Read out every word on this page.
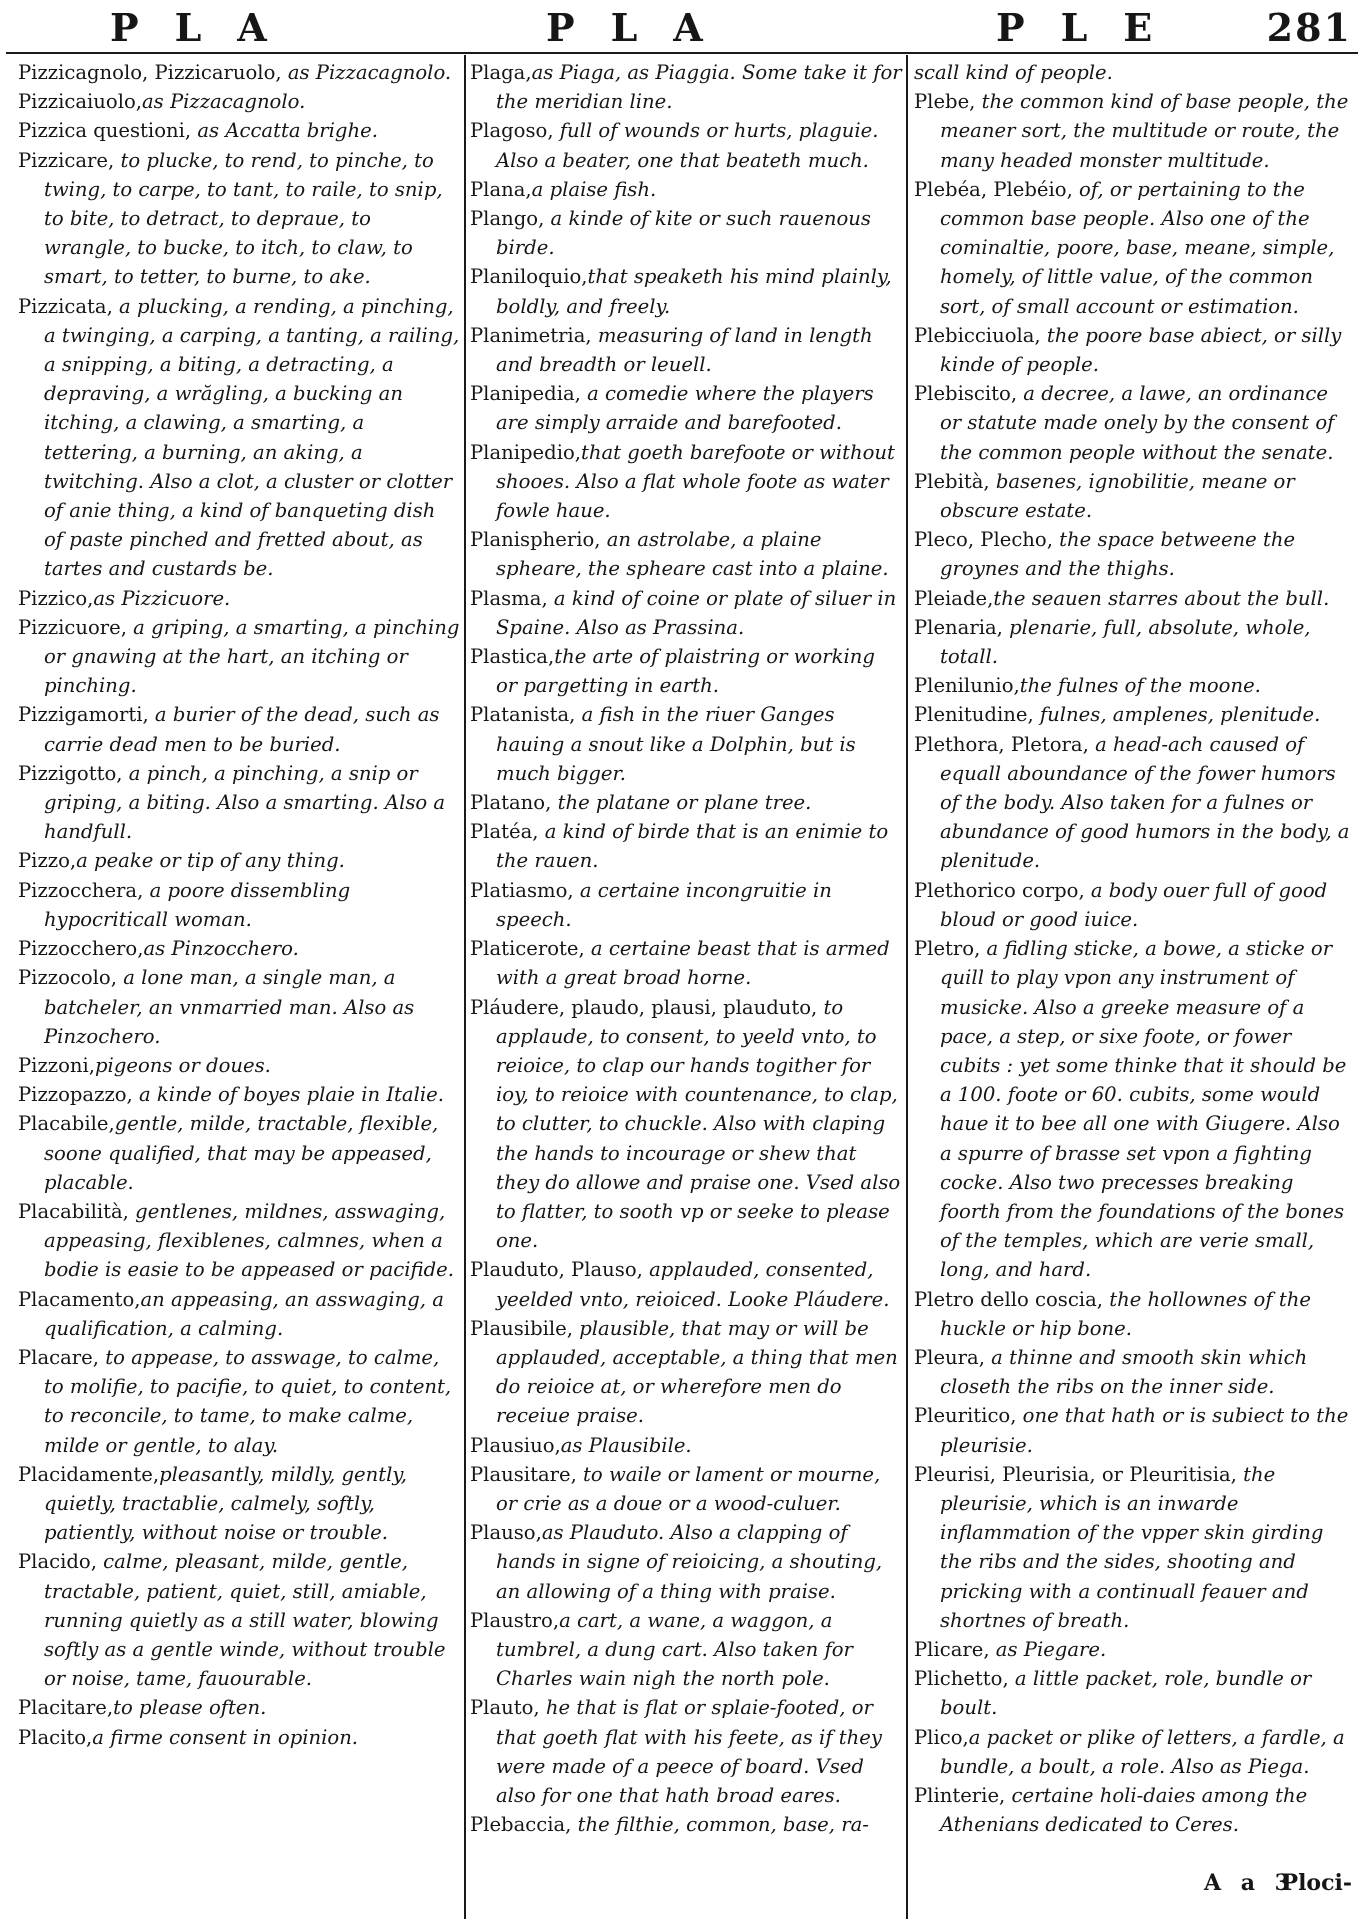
PLA	PLA	PLE 281

Pizzicagnolo, Pizzicaruolo, as Pizzacagnolo.

Pizzicaiuolo,as Pizzacagnolo.

Pizzica questioni, as Accatta brighe.

Pizzicare, to plucke, to rend, to pinche, to twing, to carpe, to tant, to raile, to snip, to bite, to detract, to depraue, to wrangle, to bucke, to itch, to claw, to smart, to tetter, to burne, to ake.

Pizzicata, a plucking, a rending, a pinching, a twinging, a carping, a tanting, a railing, a snipping, a biting, a detracting, a depraving, a wrăgling, a bucking an itching, a clawing, a smarting, a tettering, a burning, an aking, a twitching. Also a clot, a cluster or clotter of anie thing, a kind of banqueting dish of paste pinched and fretted about, as tartes and custards be.

Pizzico,as Pizzicuore.

Pizzicuore, a griping, a smarting, a pinching or gnawing at the hart, an itching or pinching.

Pizzigamorti, a burier of the dead, such as carrie dead men to be buried.

Pizzigotto, a pinch, a pinching, a snip or griping, a biting. Also a smarting. Also a handfull.

Pizzo,a peake or tip of any thing.

Pizzocchera, a poore dissembling hypocriticall woman.

Pizzocchero,as Pinzocchero.

Pizzocolo, a lone man, a single man, a batcheler, an vnmarried man. Also as Pinzochero.

Pizzoni,pigeons or doues.

Pizzopazzo, a kinde of boyes plaie in Italie.

Placabile,gentle, milde, tractable, flexible, soone qualified, that may be appeased, placable.

Placabilità, gentlenes, mildnes, asswaging, appeasing, flexiblenes, calmnes, when a bodie is easie to be appeased or pacifide.

Placamento,an appeasing, an asswaging, a qualification, a calming.

Placare, to appease, to asswage, to calme, to molifie, to pacifie, to quiet, to content, to reconcile, to tame, to make calme, milde or gentle, to alay.

Placidamente,pleasantly, mildly, gently, quietly, tractablie, calmely, softly, patiently, without noise or trouble.

Placido, calme, pleasant, milde, gentle, tractable, patient, quiet, still, amiable, running quietly as a still water, blowing softly as a gentle winde, without trouble or noise, tame, fauourable.

Placitare,to please often.

Placito,a firme consent in opinion.

Plaga,as Piaga, as Piaggia. Some take it for the meridian line.

Plagoso, full of wounds or hurts, plaguie. Also a beater, one that beateth much.

Plana,a plaise fish.

Plango, a kinde of kite or such rauenous birde.

Planiloquio,that speaketh his mind plainly, boldly, and freely.

Planimetria, measuring of land in length and breadth or leuell.

Planipedia, a comedie where the players are simply arraide and barefooted.

Planipedio,that goeth barefoote or without shooes. Also a flat whole foote as water fowle haue.

Planispherio, an astrolabe, a plaine spheare, the spheare cast into a plaine.

Plasma, a kind of coine or plate of siluer in Spaine. Also as Prassina.

Plastica,the arte of plaistring or working or pargetting in earth.

Platanista, a fish in the riuer Ganges hauing a snout like a Dolphin, but is much bigger.

Platano, the platane or plane tree.

Platéa, a kind of birde that is an enimie to the rauen.

Platiasmo, a certaine incongruitie in speech.

Platicerote, a certaine beast that is armed with a great broad horne.

Pláudere, plaudo, plausi, plauduto, to applaude, to consent, to yeeld vnto, to reioice, to clap our hands togither for ioy, to reioice with countenance, to clap, to clutter, to chuckle. Also with claping the hands to incourage or shew that they do allowe and praise one. Vsed also to flatter, to sooth vp or seeke to please one.

Plauduto, Plauso, applauded, consented, yeelded vnto, reioiced. Looke Pláudere.

Plausibile, plausible, that may or will be applauded, acceptable, a thing that men do reioice at, or wherefore men do receiue praise.

Plausiuo,as Plausibile.

Plausitare, to waile or lament or mourne, or crie as a doue or a wood-culuer.

Plauso,as Plauduto. Also a clapping of hands in signe of reioicing, a shouting, an allowing of a thing with praise.

Plaustro,a cart, a wane, a waggon, a tumbrel, a dung cart. Also taken for Charles wain nigh the north pole.

Plauto, he that is flat or splaie-footed, or that goeth flat with his feete, as if they were made of a peece of board. Vsed also for one that hath broad eares.

Plebaccia, the filthie, common, base, ra-

scall kind of people.

Plebe, the common kind of base people, the meaner sort, the multitude or route, the many headed monster multitude.

Plebéa, Plebéio, of, or pertaining to the common base people. Also one of the cominaltie, poore, base, meane, simple, homely, of little value, of the common sort, of small account or estimation.

Plebicciuola, the poore base abiect, or silly kinde of people.

Plebiscito, a decree, a lawe, an ordinance or statute made onely by the consent of the common people without the senate.

Plebità, basenes, ignobilitie, meane or obscure estate.

Pleco, Plecho, the space betweene the groynes and the thighs.

Pleiade,the seauen starres about the bull.

Plenaria, plenarie, full, absolute, whole, totall.

Plenilunio,the fulnes of the moone.

Plenitudine, fulnes, amplenes, plenitude.

Plethora, Pletora, a head-ach caused of equall aboundance of the fower humors of the body. Also taken for a fulnes or abundance of good humors in the body, a plenitude.

Plethorico corpo, a body ouer full of good bloud or good iuice.

Pletro, a fidling sticke, a bowe, a sticke or quill to play vpon any instrument of musicke. Also a greeke measure of a pace, a step, or sixe foote, or fower cubits : yet some thinke that it should be a 100. foote or 60. cubits, some would haue it to bee all one with Giugere. Also a spurre of brasse set vpon a fighting cocke. Also two precesses breaking foorth from the foundations of the bones of the temples, which are verie small, long, and hard.

Pletro dello coscia, the hollownes of the huckle or hip bone.

Pleura, a thinne and smooth skin which closeth the ribs on the inner side.

Pleuritico, one that hath or is subiect to the pleurisie.

Pleurisi, Pleurisia, or Pleuritisia, the pleurisie, which is an inwarde inflammation of the vpper skin girding the ribs and the sides, shooting and pricking with a continuall feauer and shortnes of breath.

Plicare, as Piegare.

Plichetto, a little packet, role, bundle or boult.

Plico,a packet or plike of letters, a fardle, a bundle, a boult, a role. Also as Piega.

Plinterie, certaine holi-daies among the Athenians dedicated to Ceres.

A a 3
Ploci-
